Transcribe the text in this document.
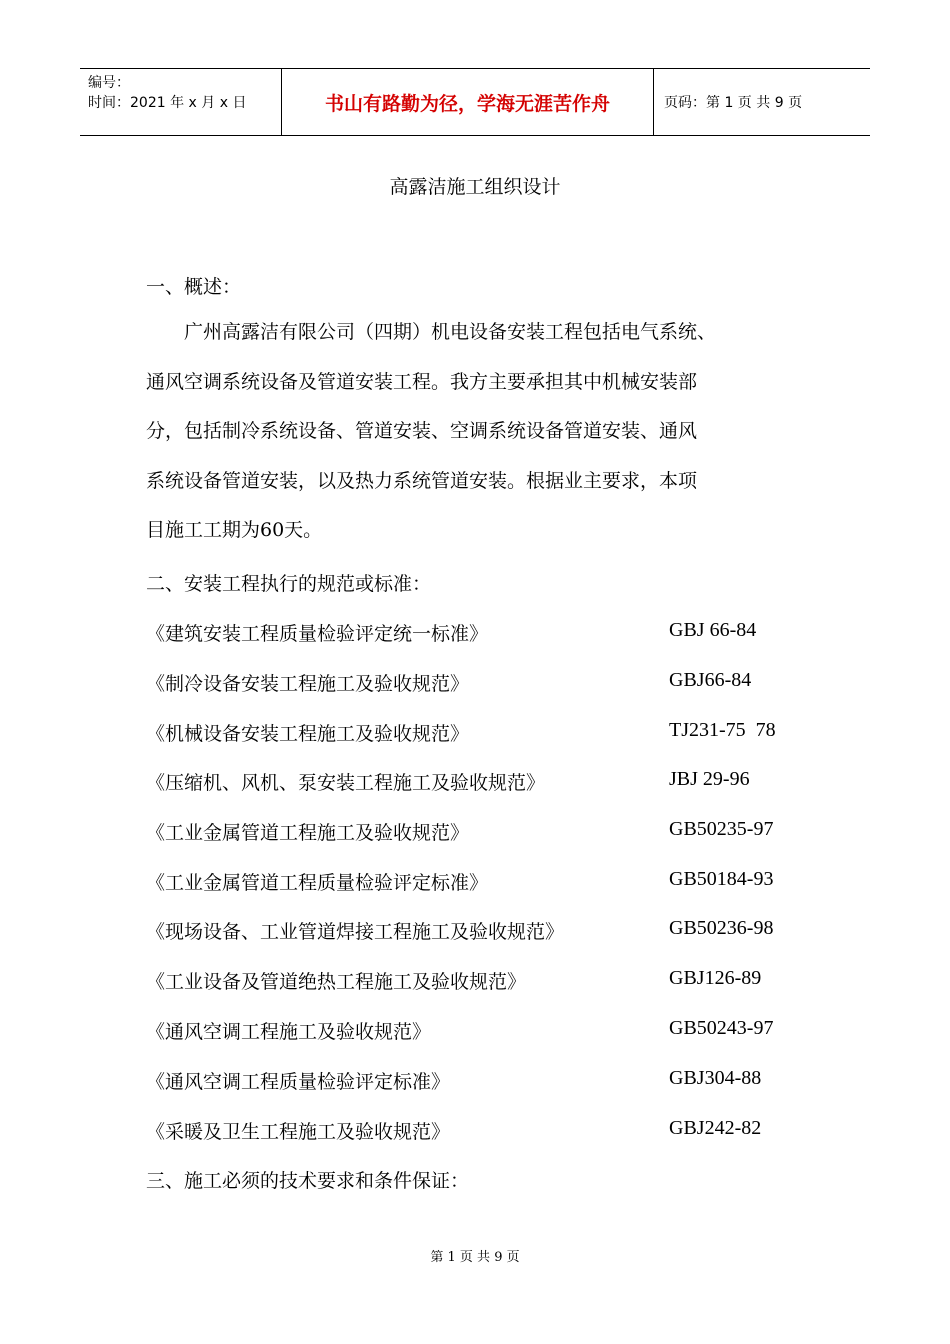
编号：
时间：2021 年 x 月 x 日	书山有路勤为径，学海无涯苦作舟	页码：第 1 页 共 9 页
高露洁施工组织设计
一、概述：
　　广州高露洁有限公司（四期）机电设备安装工程包括电气系统、
通风空调系统设备及管道安装工程。我方主要承担其中机械安装部
分，包括制冷系统设备、管道安装、空调系统设备管道安装、通风
系统设备管道安装，以及热力系统管道安装。根据业主要求，本项
目施工工期为60天。
二、安装工程执行的规范或标准：
《建筑安装工程质量检验评定统一标准》	GBJ 66-84
《制冷设备安装工程施工及验收规范》	GBJ66-84
《机械设备安装工程施工及验收规范》	TJ231-75  78
《压缩机、风机、泵安装工程施工及验收规范》	JBJ 29-96
《工业金属管道工程施工及验收规范》	GB50235-97
《工业金属管道工程质量检验评定标准》	GB50184-93
《现场设备、工业管道焊接工程施工及验收规范》	GB50236-98
《工业设备及管道绝热工程施工及验收规范》	GBJ126-89
《通风空调工程施工及验收规范》	GB50243-97
《通风空调工程质量检验评定标准》	GBJ304-88
《采暖及卫生工程施工及验收规范》	GBJ242-82
三、施工必须的技术要求和条件保证：
第 1 页 共 9 页
